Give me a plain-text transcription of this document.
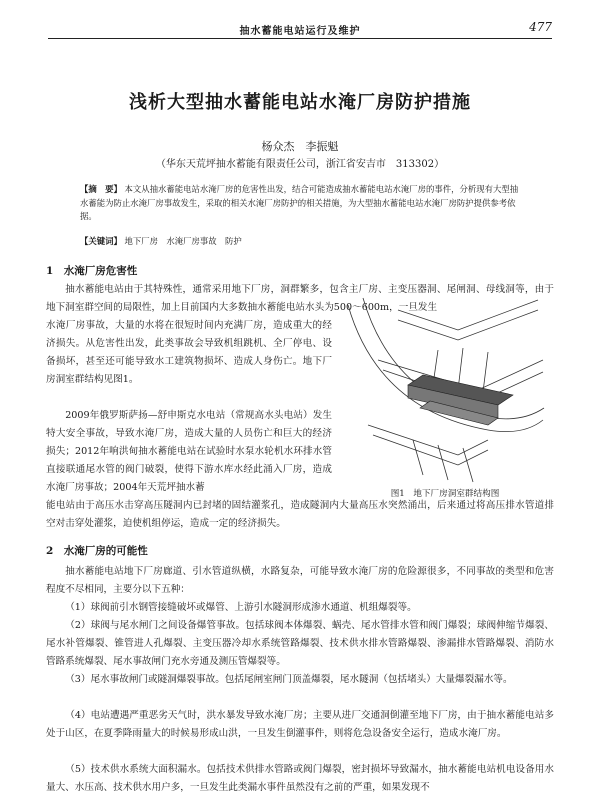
抽水蓄能电站运行及维护	477
浅析大型抽水蓄能电站水淹厂房防护措施
杨众杰　李振魁
（华东天荒坪抽水蓄能有限责任公司，浙江省安吉市　313302）
【摘　要】 本文从抽水蓄能电站水淹厂房的危害性出发，结合可能造成抽水蓄能电站水淹厂房的事件，分析现有大型抽水蓄能为防止水淹厂房事故发生，采取的相关水淹厂房防护的相关措施，为大型抽水蓄能电站水淹厂房防护提供参考依据。
【关键词】 地下厂房　水淹厂房事故　防护
1　水淹厂房危害性
抽水蓄能电站由于其特殊性，通常采用地下厂房，洞群繁多，包含主厂房、主变压器洞、尾闸洞、母线洞等，由于地下洞室群空间的局限性，加上目前国内大多数抽水蓄能电站水头为500～600m，一旦发生
水淹厂房事故，大量的水将在很短时间内充满厂房，造成重大的经济损失。从危害性出发，此类事故会导致机组跳机、全厂停电、设备损坏，甚至还可能导致水工建筑物损坏、造成人身伤亡。地下厂房洞室群结构见图1。
2009年俄罗斯萨扬—舒申斯克水电站（常规高水头电站）发生特大安全事故，导致水淹厂房，造成大量的人员伤亡和巨大的经济损失；2012年响洪甸抽水蓄能电站在试验时水泵水轮机水环排水管直接联通尾水管的阀门破裂，使得下游水库水经此涌入厂房，造成水淹厂房事故；2004年天荒坪抽水蓄
能电站由于高压水击穿高压隧洞内已封堵的固结灌浆孔，造成隧洞内大量高压水突然涌出，后来通过将高压排水管道排空对击穿处灌浆，迫使机组停运，造成一定的经济损失。
图1　地下厂房洞室群结构图
2　水淹厂房的可能性
抽水蓄能电站地下厂房廊道、引水管道纵横，水路复杂，可能导致水淹厂房的危险源很多，不同事故的类型和危害程度不尽相同，主要分以下五种：
（1）球阀前引水钢管接缝破坏或爆管、上游引水隧洞形成渗水通道、机组爆裂等。
（2）球阀与尾水闸门之间设备爆管事故。包括球阀本体爆裂、蜗壳、尾水管排水管和阀门爆裂；球阀伸缩节爆裂、尾水补管爆裂、锥管进人孔爆裂、主变压器冷却水系统管路爆裂、技术供水排水管路爆裂、渗漏排水管路爆裂、消防水管路系统爆裂、尾水事故闸门充水旁通及测压管爆裂等。
（3）尾水事故闸门或隧洞爆裂事故。包括尾闸室闸门顶盖爆裂，尾水隧洞（包括堵头）大量爆裂漏水等。
（4）电站遭遇严重恶劣天气时，洪水暴发导致水淹厂房；主要从进厂交通洞倒灌至地下厂房，由于抽水蓄能电站多处于山区，在夏季降雨量大的时候易形成山洪，一旦发生倒灌事件，则将危急设备安全运行，造成水淹厂房。
（5）技术供水系统大面积漏水。包括技术供排水管路或阀门爆裂，密封损坏导致漏水，抽水蓄能电站机电设备用水量大、水压高、技术供水用户多，一旦发生此类漏水事件虽然没有之前的严重，如果发现不
